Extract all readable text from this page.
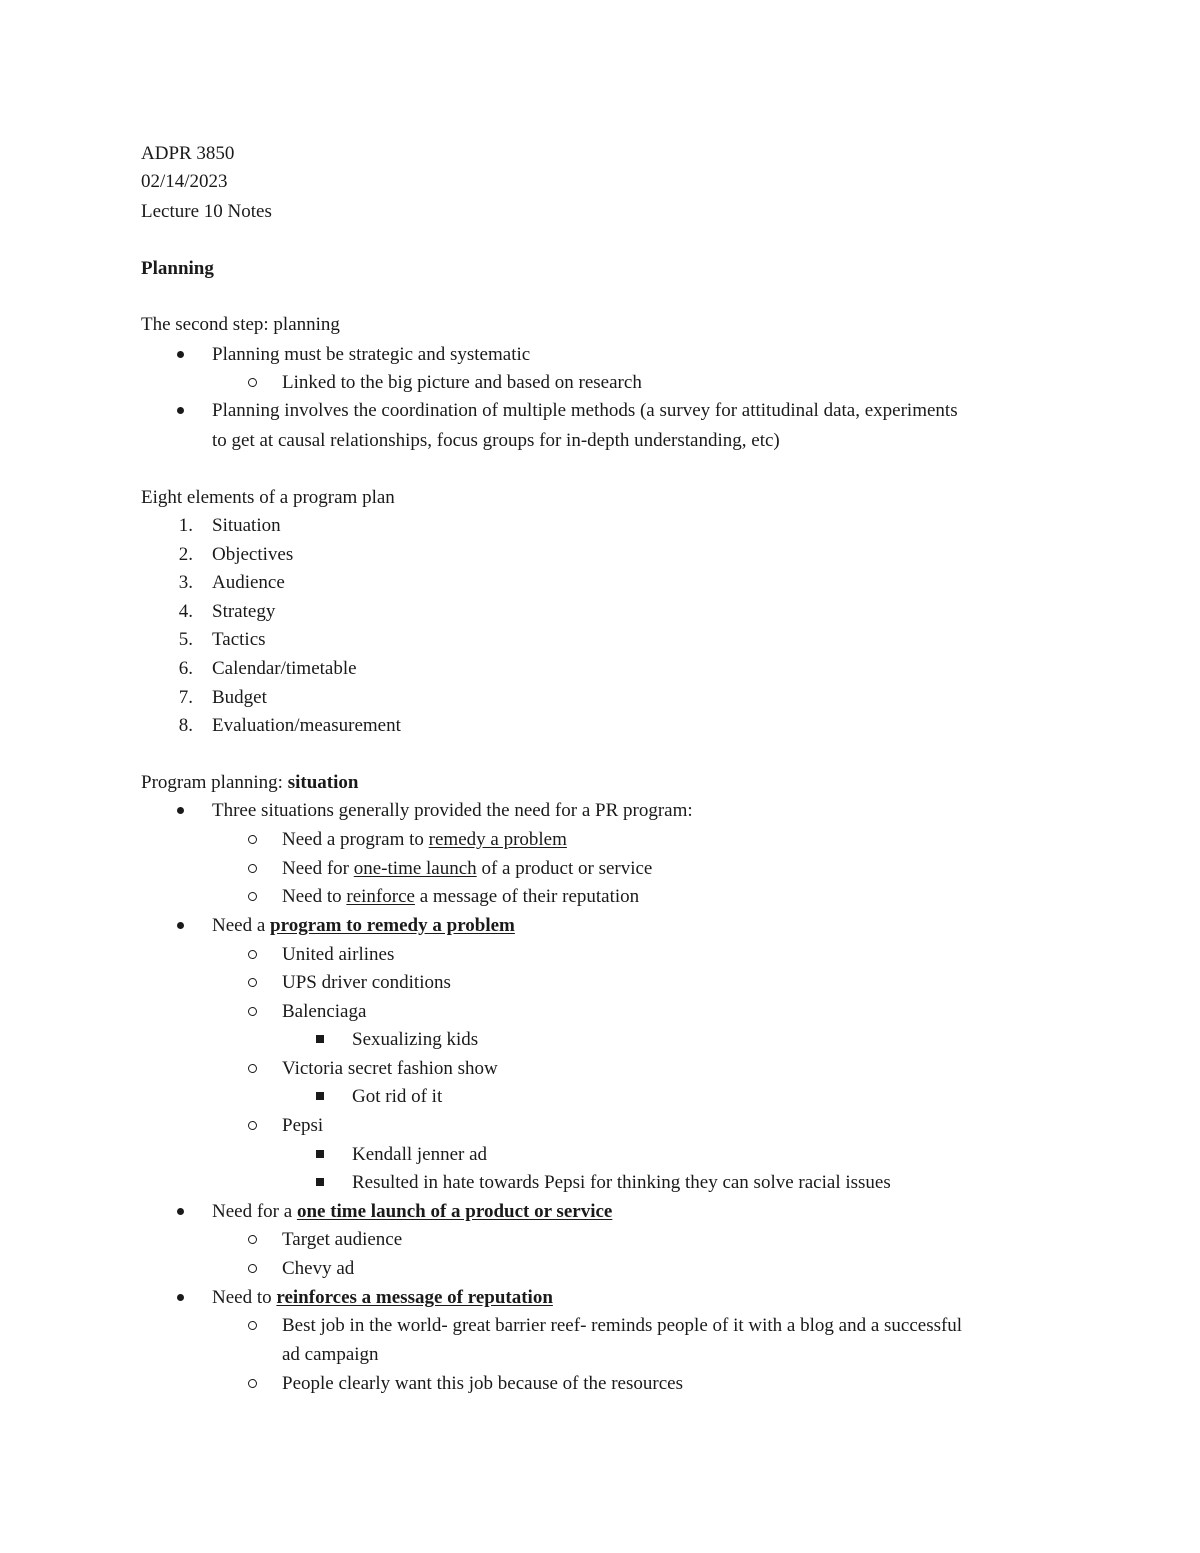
ADPR 3850
02/14/2023
Lecture 10 Notes
Planning
The second step: planning
Planning must be strategic and systematic
Linked to the big picture and based on research
Planning involves the coordination of multiple methods (a survey for attitudinal data, experiments
to get at causal relationships, focus groups for in-depth understanding, etc)
Eight elements of a program plan
1. Situation
2. Objectives
3. Audience
4. Strategy
5. Tactics
6. Calendar/timetable
7. Budget
8. Evaluation/measurement
Program planning: situation
Three situations generally provided the need for a PR program:
Need a program to remedy a problem
Need for one-time launch of a product or service
Need to reinforce a message of their reputation
Need a program to remedy a problem
United airlines
UPS driver conditions
Balenciaga
Sexualizing kids
Victoria secret fashion show
Got rid of it
Pepsi
Kendall jenner ad
Resulted in hate towards Pepsi for thinking they can solve racial issues
Need for a one time launch of a product or service
Target audience
Chevy ad
Need to reinforces a message of reputation
Best job in the world- great barrier reef- reminds people of it with a blog and a successful
ad campaign
People clearly want this job because of the resources
